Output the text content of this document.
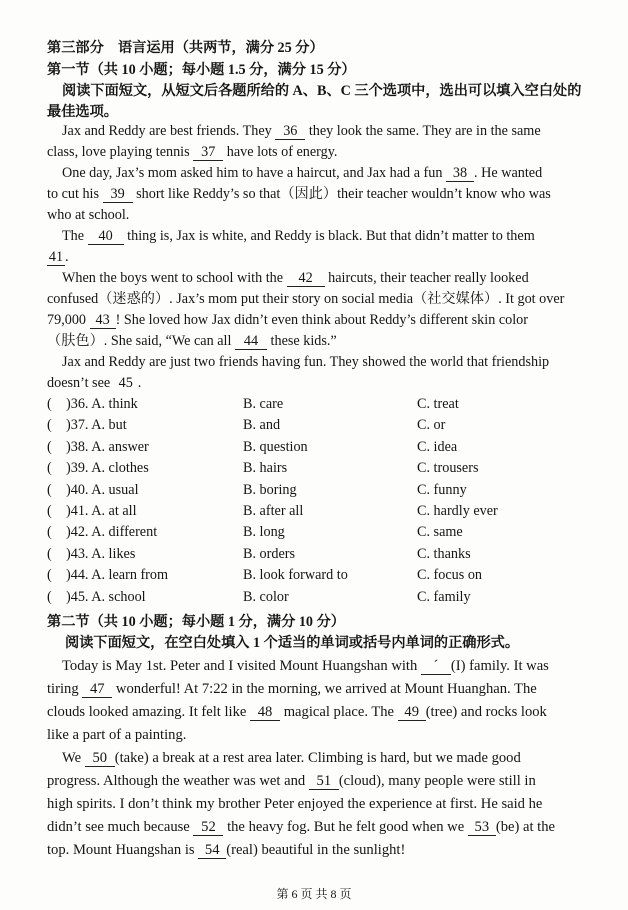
第三部分　语言运用（共两节，满分 25 分）
第一节（共 10 小题；每小题 1.5 分，满分 15 分）
阅读下面短文，从短文后各题所给的 A、B、C 三个选项中，选出可以填入空白处的
最佳选项。
Jax and Reddy are best friends. They 36 they look the same. They are in the same
class, love playing tennis 37 have lots of energy.
One day, Jax’s mom asked him to have a haircut, and Jax had a fun 38 . He wanted
to cut his 39 short like Reddy’s so that（因此）their teacher wouldn’t know who was
who at school.
The 40 thing is, Jax is white, and Reddy is black. But that didn’t matter to them
41 .
When the boys went to school with the 42 haircuts, their teacher really looked
confused（迷惑的）. Jax’s mom put their story on social media（社交媒体）. It got over
79,000 43 ! She loved how Jax didn’t even think about Reddy’s different skin color
（肤色）. She said, “We can all 44 these kids.”
Jax and Reddy are just two friends having fun. They showed the world that friendship
doesn’t see 45 .
( )36. A. think	B. care	C. treat
( )37. A. but	B. and	C. or
( )38. A. answer	B. question	C. idea
( )39. A. clothes	B. hairs	C. trousers
( )40. A. usual	B. boring	C. funny
( )41. A. at all	B. after all	C. hardly ever
( )42. A. different	B. long	C. same
( )43. A. likes	B. orders	C. thanks
( )44. A. learn from	B. look forward to	C. focus on
( )45. A. school	B. color	C. family
第二节（共 10 小题；每小题 1 分，满分 10 分）
阅读下面短文，在空白处填入 1 个适当的单词或括号内单词的正确形式。
Today is May 1st. Peter and I visited Mount Huangshan with ´ (I) family. It was
tiring 47 wonderful! At 7:22 in the morning, we arrived at Mount Huanghan. The
clouds looked amazing. It felt like 48 magical place. The 49 (tree) and rocks look
like a part of a painting.
We 50 (take) a break at a rest area later. Climbing is hard, but we made good
progress. Although the weather was wet and 51 (cloud), many people were still in
high spirits. I don’t think my brother Peter enjoyed the experience at first. He said he
didn’t see much because 52 the heavy fog. But he felt good when we 53 (be) at the
top. Mount Huangshan is 54 (real) beautiful in the sunlight!
第 6 页 共 8 页
